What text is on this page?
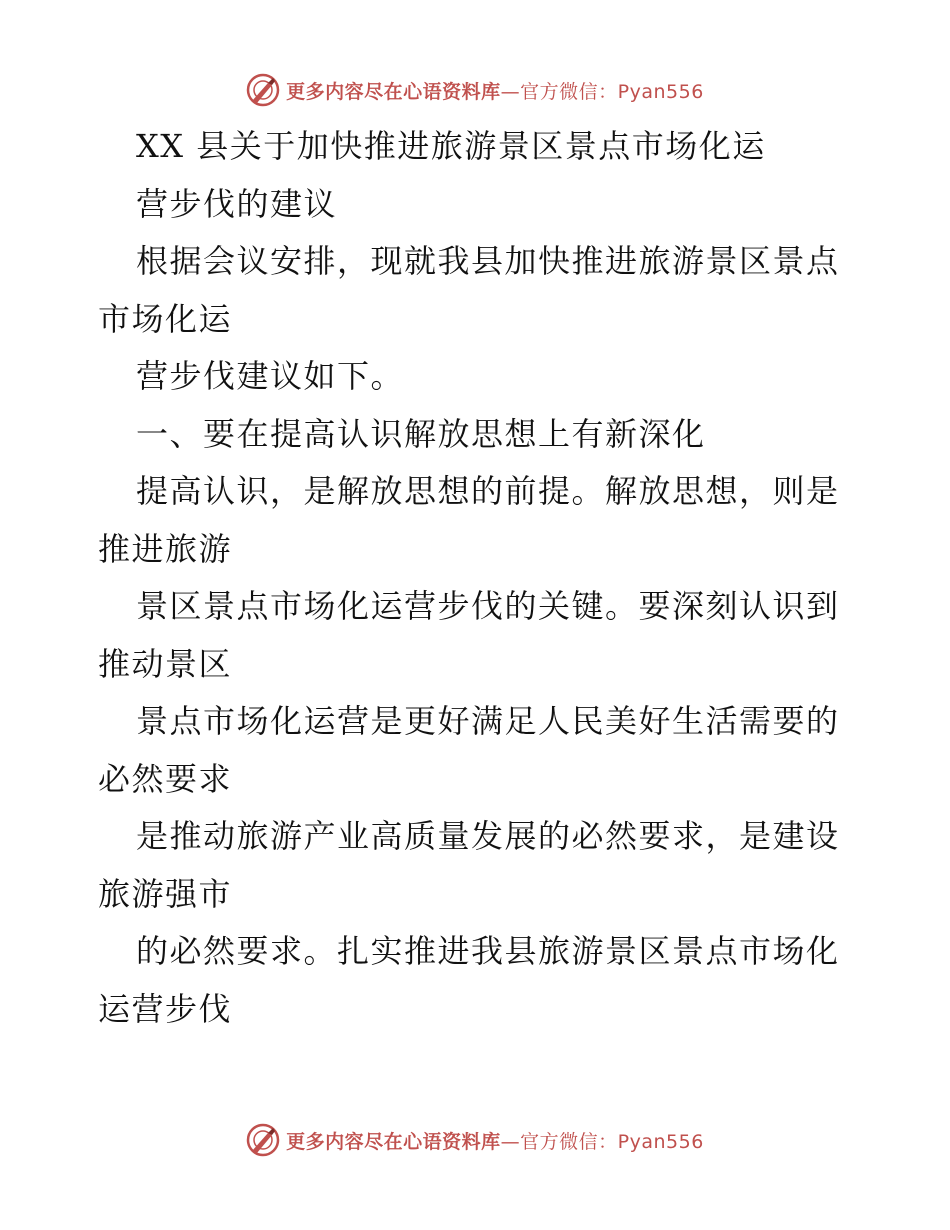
更多内容尽在心语资料库—官方微信：Pyan556
XX 县关于加快推进旅游景区景点市场化运
营步伐的建议
根据会议安排，现就我县加快推进旅游景区景点
市场化运
营步伐建议如下。
一、要在提高认识解放思想上有新深化
提高认识，是解放思想的前提。解放思想，则是
推进旅游
景区景点市场化运营步伐的关键。要深刻认识到
推动景区
景点市场化运营是更好满足人民美好生活需要的
必然要求
是推动旅游产业高质量发展的必然要求，是建设
旅游强市
的必然要求。扎实推进我县旅游景区景点市场化
运营步伐
更多内容尽在心语资料库—官方微信：Pyan556
